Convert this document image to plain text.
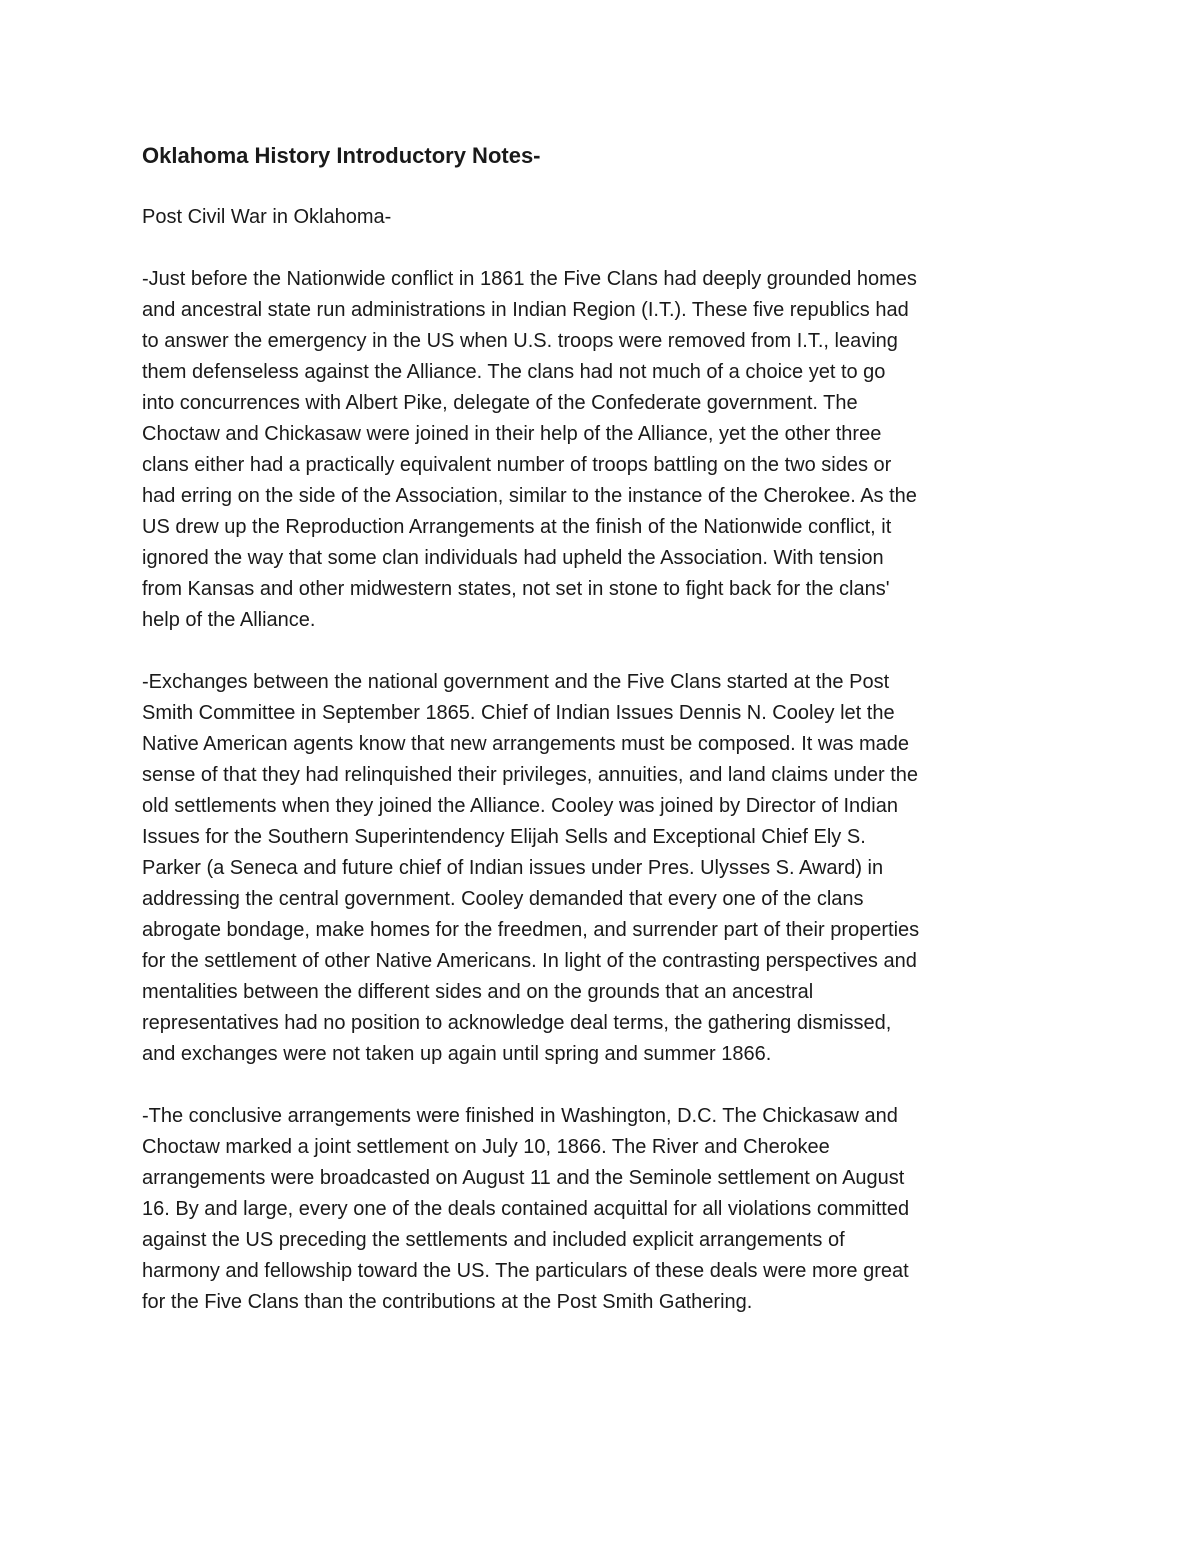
Oklahoma History Introductory Notes-
Post Civil War in Oklahoma-
-Just before the Nationwide conflict in 1861 the Five Clans had deeply grounded homes
and ancestral state run administrations in Indian Region (I.T.). These five republics had
to answer the emergency in the US when U.S. troops were removed from I.T., leaving
them defenseless against the Alliance. The clans had not much of a choice yet to go
into concurrences with Albert Pike, delegate of the Confederate government. The
Choctaw and Chickasaw were joined in their help of the Alliance, yet the other three
clans either had a practically equivalent number of troops battling on the two sides or
had erring on the side of the Association, similar to the instance of the Cherokee. As the
US drew up the Reproduction Arrangements at the finish of the Nationwide conflict, it
ignored the way that some clan individuals had upheld the Association. With tension
from Kansas and other midwestern states, not set in stone to fight back for the clans'
help of the Alliance.
-Exchanges between the national government and the Five Clans started at the Post
Smith Committee in September 1865. Chief of Indian Issues Dennis N. Cooley let the
Native American agents know that new arrangements must be composed. It was made
sense of that they had relinquished their privileges, annuities, and land claims under the
old settlements when they joined the Alliance. Cooley was joined by Director of Indian
Issues for the Southern Superintendency Elijah Sells and Exceptional Chief Ely S.
Parker (a Seneca and future chief of Indian issues under Pres. Ulysses S. Award) in
addressing the central government. Cooley demanded that every one of the clans
abrogate bondage, make homes for the freedmen, and surrender part of their properties
for the settlement of other Native Americans. In light of the contrasting perspectives and
mentalities between the different sides and on the grounds that an ancestral
representatives had no position to acknowledge deal terms, the gathering dismissed,
and exchanges were not taken up again until spring and summer 1866.
-The conclusive arrangements were finished in Washington, D.C. The Chickasaw and
Choctaw marked a joint settlement on July 10, 1866. The River and Cherokee
arrangements were broadcasted on August 11 and the Seminole settlement on August
16. By and large, every one of the deals contained acquittal for all violations committed
against the US preceding the settlements and included explicit arrangements of
harmony and fellowship toward the US. The particulars of these deals were more great
for the Five Clans than the contributions at the Post Smith Gathering.
